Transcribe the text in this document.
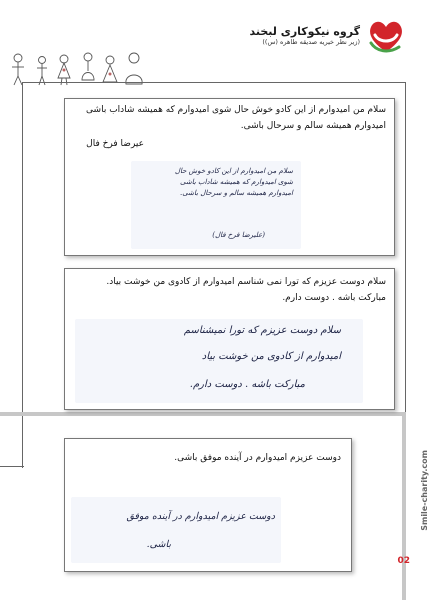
گروه نیکوکاری لبخند
(زیر نظر خیریه صدیقه طاهره (س))
سلام من امیدوارم از این کادو خوش حال شوی امیدوارم که همیشه شاداب باشی امیدوارم همیشه سالم و سرحال باشی.
عیرضا فرخ فال
سلام من امیدوارم از این کادو خوش حال
شوی امیدوارم که همیشه شاداب باشی
امیدوارم همیشه سالم و سرحال باشی.
(علیرضا فرخ فال)
سلام دوست عزیزم که تورا نمی شناسم امیدوارم از کادوی من خوشت بیاد. مبارکت باشه . دوست دارم.
سلام دوست عزیزم که تورا نمیشناسم
امیدوارم از کادوی من خوشت بیاد
مبارکت باشه . دوست دارم.
دوست عزیزم امیدوارم در آینده موفق باشی.
دوست عزیزم امیدوارم در آینده موفق
باشی.
Smile-charity.com
02
